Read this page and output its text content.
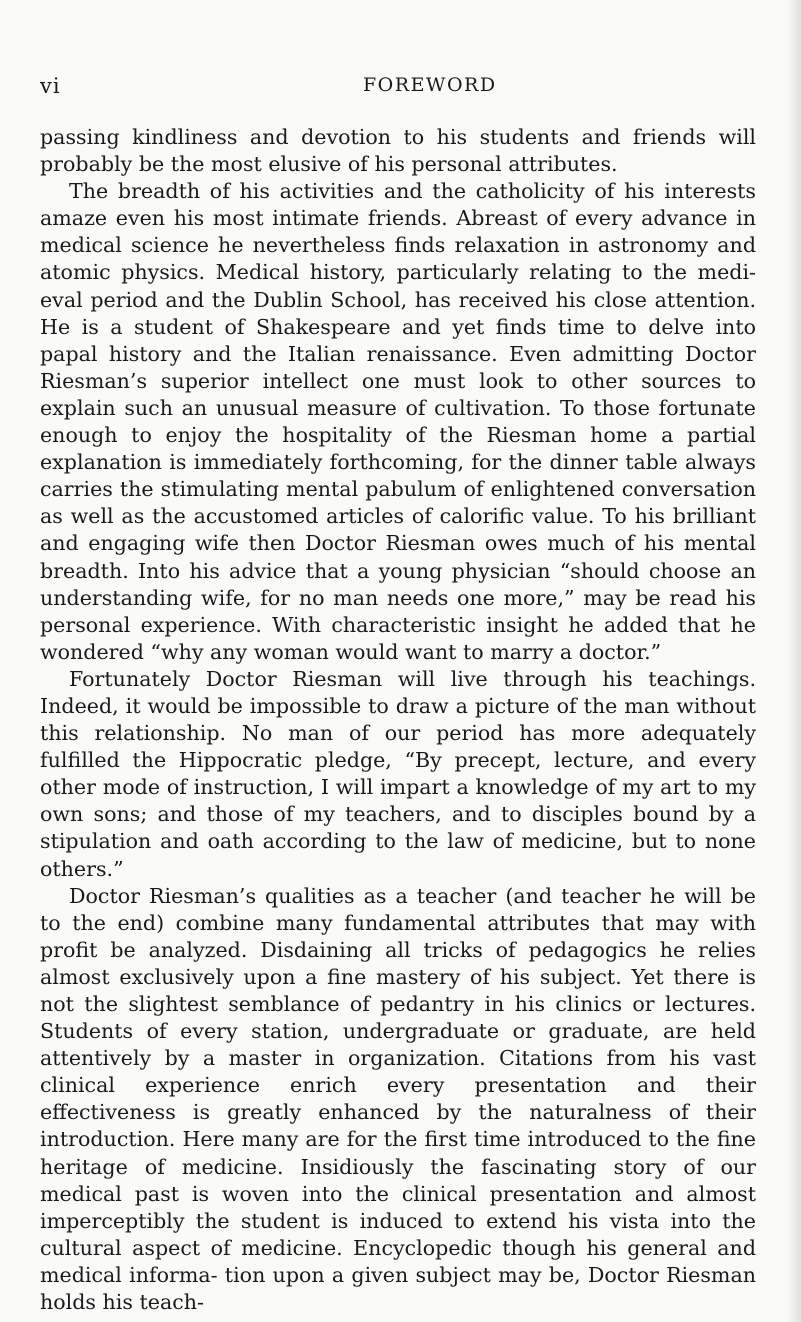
vi	FOREWORD

passing kindliness and devotion to his students and friends will probably be the most elusive of his personal attributes.

The breadth of his activities and the catholicity of his interests amaze even his most intimate friends. Abreast of every advance in medical science he nevertheless finds relaxation in astronomy and atomic physics. Medical history, particularly relating to the medi- eval period and the Dublin School, has received his close attention. He is a student of Shakespeare and yet finds time to delve into papal history and the Italian renaissance. Even admitting Doctor Riesman’s superior intellect one must look to other sources to explain such an unusual measure of cultivation. To those fortunate enough to enjoy the hospitality of the Riesman home a partial explanation is immediately forthcoming, for the dinner table always carries the stimulating mental pabulum of enlightened conversation as well as the accustomed articles of calorific value. To his brilliant and engaging wife then Doctor Riesman owes much of his mental breadth. Into his advice that a young physician “should choose an understanding wife, for no man needs one more,” may be read his personal experience. With characteristic insight he added that he wondered “why any woman would want to marry a doctor.”

Fortunately Doctor Riesman will live through his teachings. Indeed, it would be impossible to draw a picture of the man without this relationship. No man of our period has more adequately fulfilled the Hippocratic pledge, “By precept, lecture, and every other mode of instruction, I will impart a knowledge of my art to my own sons; and those of my teachers, and to disciples bound by a stipulation and oath according to the law of medicine, but to none others.”

Doctor Riesman’s qualities as a teacher (and teacher he will be to the end) combine many fundamental attributes that may with profit be analyzed. Disdaining all tricks of pedagogics he relies almost exclusively upon a fine mastery of his subject. Yet there is not the slightest semblance of pedantry in his clinics or lectures. Students of every station, undergraduate or graduate, are held attentively by a master in organization. Citations from his vast clinical experience enrich every presentation and their effectiveness is greatly enhanced by the naturalness of their introduction. Here many are for the first time introduced to the fine heritage of medicine. Insidiously the fascinating story of our medical past is woven into the clinical presentation and almost imperceptibly the student is induced to extend his vista into the cultural aspect of medicine. Encyclopedic though his general and medical informa- tion upon a given subject may be, Doctor Riesman holds his teach-
